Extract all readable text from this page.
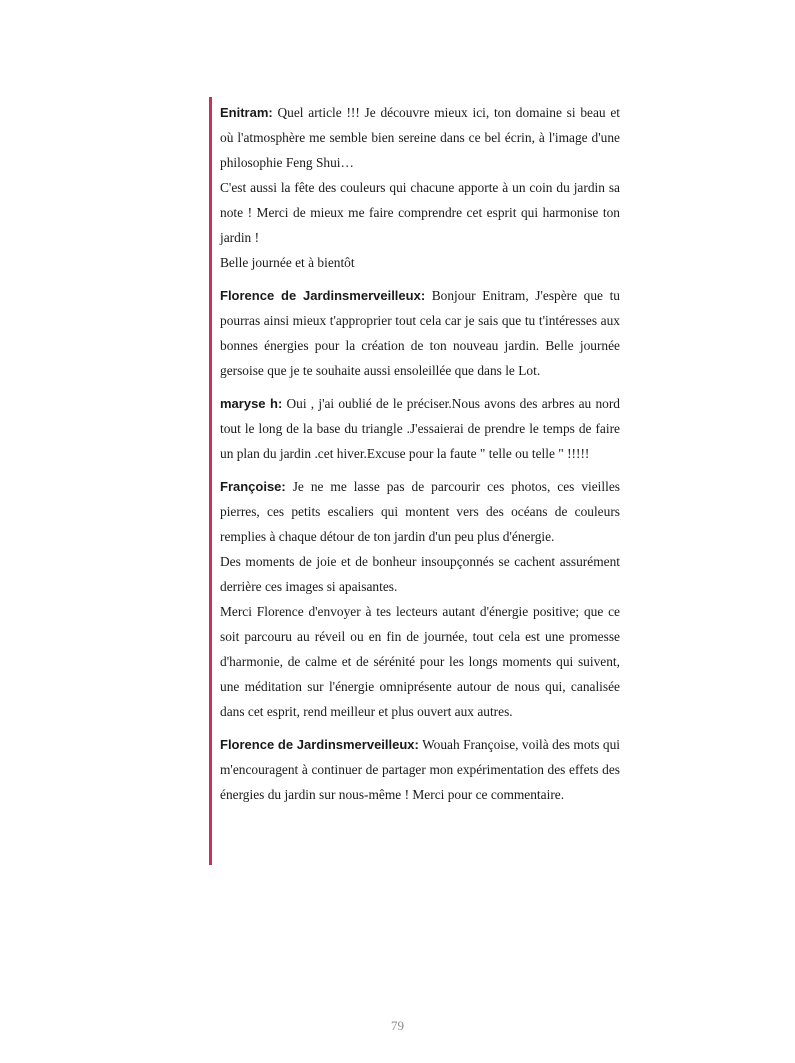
Enitram: Quel article !!! Je découvre mieux ici, ton domaine si beau et où l'atmosphère me semble bien sereine dans ce bel écrin, à l'image d'une philosophie Feng Shui…

C'est aussi la fête des couleurs qui chacune apporte à un coin du jardin sa note ! Merci de mieux me faire comprendre cet esprit qui harmonise ton jardin !

Belle journée et à bientôt

Florence de Jardinsmerveilleux: Bonjour Enitram, J'espère que tu pourras ainsi mieux t'approprier tout cela car je sais que tu t'intéresses aux bonnes énergies pour la création de ton nouveau jardin. Belle journée gersoise que je te souhaite aussi ensoleillée que dans le Lot.

maryse h: Oui , j'ai oublié de le préciser.Nous avons des arbres au nord tout le long de la base du triangle .J'essaierai de prendre le temps de faire un plan du jardin .cet hiver.Excuse pour la faute " telle ou telle " !!!!!

Françoise: Je ne me lasse pas de parcourir ces photos, ces vieilles pierres, ces petits escaliers qui montent vers des océans de couleurs remplies à chaque détour de ton jardin d'un peu plus d'énergie.

Des moments de joie et de bonheur insoupçonnés se cachent assurément derrière ces images si apaisantes.

Merci Florence d'envoyer à tes lecteurs autant d'énergie positive; que ce soit parcouru au réveil ou en fin de journée, tout cela est une promesse d'harmonie, de calme et de sérénité pour les longs moments qui suivent, une méditation sur l'énergie omniprésente autour de nous qui, canalisée dans cet esprit, rend meilleur et plus ouvert aux autres.

Florence de Jardinsmerveilleux: Wouah Françoise, voilà des mots qui m'encouragent à continuer de partager mon expérimentation des effets des énergies du jardin sur nous-même ! Merci pour ce commentaire.

79
